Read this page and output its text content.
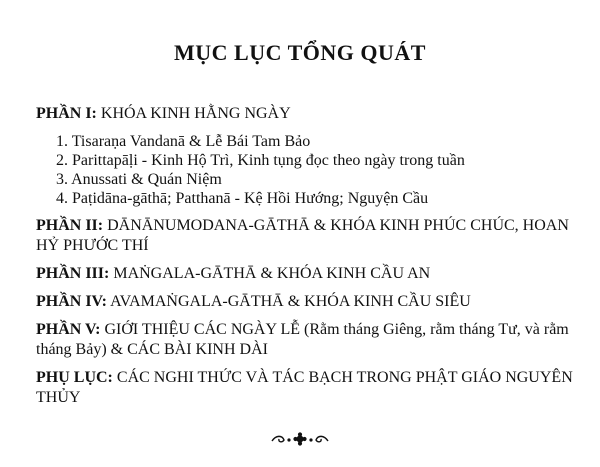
MỤC LỤC TỔNG QUÁT
PHẦN I: KHÓA KINH HẰNG NGÀY
1. Tisaraṇa Vandanā & Lễ Bái Tam Bảo
2. Parittapāḷi - Kinh Hộ Trì, Kinh tụng đọc theo ngày trong tuần
3. Anussati & Quán Niệm
4. Paṭidāna-gāthā; Patthanā - Kệ Hồi Hướng; Nguyện Cầu
PHẦN II: DĀNĀNUMODANA-GĀTHĀ & KHÓA KINH PHÚC CHÚC, HOAN HỶ PHƯỚC THÍ
PHẦN III: MAṄGALA-GĀTHĀ & KHÓA KINH CẦU AN
PHẦN IV: AVAMAṄGALA-GĀTHĀ & KHÓA KINH CẦU SIÊU
PHẦN V: GIỚI THIỆU CÁC NGÀY LỄ (Rằm tháng Giêng, rằm tháng Tư, và rằm tháng Bảy) & CÁC BÀI KINH DÀI
PHỤ LỤC: CÁC NGHI THỨC VÀ TÁC BẠCH TRONG PHẬT GIÁO NGUYÊN THỦY
